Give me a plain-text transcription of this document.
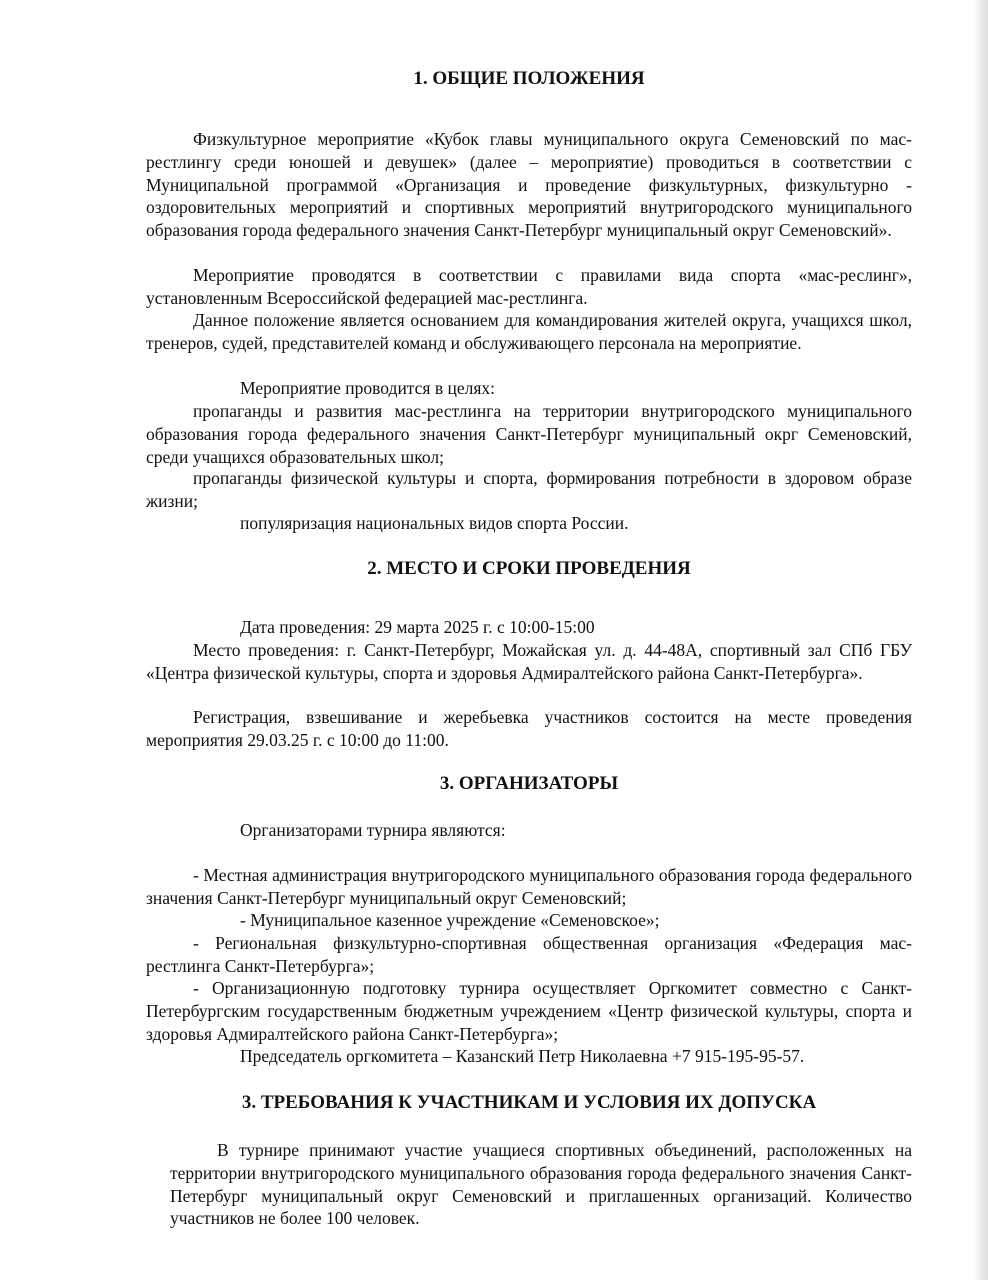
1. ОБЩИЕ ПОЛОЖЕНИЯ
Физкультурное мероприятие «Кубок главы муниципального округа Семеновский по мас-рестлингу среди юношей и девушек» (далее – мероприятие) проводиться в соответствии с Муниципальной программой «Организация и проведение физкультурных, физкультурно - оздоровительных мероприятий и спортивных мероприятий внутригородского муниципального образования города федерального значения Санкт-Петербург муниципальный округ Семеновский».
Мероприятие проводятся в соответствии с правилами вида спорта «мас-реслинг», установленным Всероссийской федерацией мас-рестлинга.
Данное положение является основанием для командирования жителей округа, учащихся школ, тренеров, судей, представителей команд и обслуживающего персонала на мероприятие.
Мероприятие проводится в целях:
пропаганды и развития мас-рестлинга на территории внутригородского муниципального образования города федерального значения Санкт-Петербург муниципальный окрг Семеновский, среди учащихся образовательных школ;
пропаганды физической культуры и спорта, формирования потребности в здоровом образе жизни;
популяризация национальных видов спорта России.
2. МЕСТО И СРОКИ ПРОВЕДЕНИЯ
Дата проведения: 29 марта 2025 г. с 10:00-15:00
Место проведения: г. Санкт-Петербург, Можайская ул. д. 44-48А, спортивный зал СПб ГБУ «Центра физической культуры, спорта и здоровья Адмиралтейского района Санкт-Петербурга».
Регистрация, взвешивание и жеребьевка участников состоится на месте проведения мероприятия 29.03.25 г. с 10:00 до 11:00.
3. ОРГАНИЗАТОРЫ
Организаторами турнира являются:
- Местная администрация внутригородского муниципального образования города федерального значения Санкт-Петербург муниципальный округ Семеновский;
- Муниципальное казенное учреждение «Семеновское»;
- Региональная физкультурно-спортивная общественная организация «Федерация мас-рестлинга Санкт-Петербурга»;
- Организационную подготовку турнира осуществляет Оргкомитет совместно с Санкт-Петербургским государственным бюджетным учреждением «Центр физической культуры, спорта и здоровья Адмиралтейского района Санкт-Петербурга»;
Председатель оргкомитета – Казанский Петр Николаевна +7 915-195-95-57.
3. ТРЕБОВАНИЯ К УЧАСТНИКАМ И УСЛОВИЯ ИХ ДОПУСКА
В турнире принимают участие учащиеся спортивных объединений, расположенных на территории внутригородского муниципального образования города федерального значения Санкт-Петербург муниципальный округ Семеновский и приглашенных организаций. Количество участников не более 100 человек.
